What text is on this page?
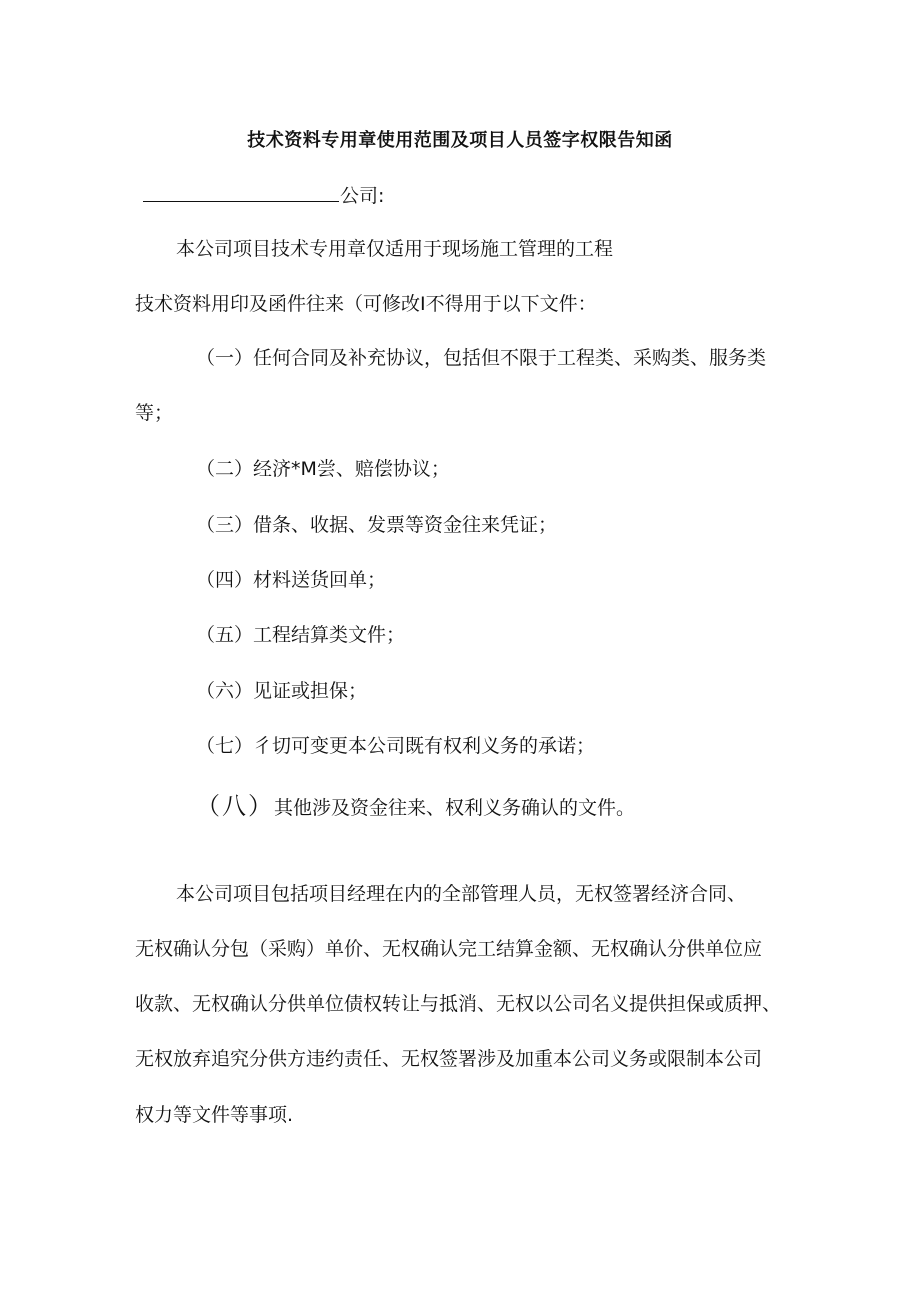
技术资料专用章使用范围及项目人员签字权限告知函
公司:
本公司项目技术专用章仅适用于现场施工管理的工程
技术资料用印及函件往来（可修改I不得用于以下文件：
（一）任何合同及补充协议，包括但不限于工程类、采购类、服务类
等；
（二）经济*M尝、赔偿协议；
（三）借条、收据、发票等资金往来凭证；
（四）材料送货回单；
（五）工程结算类文件；
（六）见证或担保；
（七）彳切可变更本公司既有权利义务的承诺；
（八）其他涉及资金往来、权利义务确认的文件。
本公司项目包括项目经理在内的全部管理人员，无权签署经济合同、
无权确认分包（采购）单价、无权确认完工结算金额、无权确认分供单位应
收款、无权确认分供单位债权转让与抵消、无权以公司名义提供担保或质押、
无权放弃追究分供方违约责任、无权签署涉及加重本公司义务或限制本公司
权力等文件等事项.
